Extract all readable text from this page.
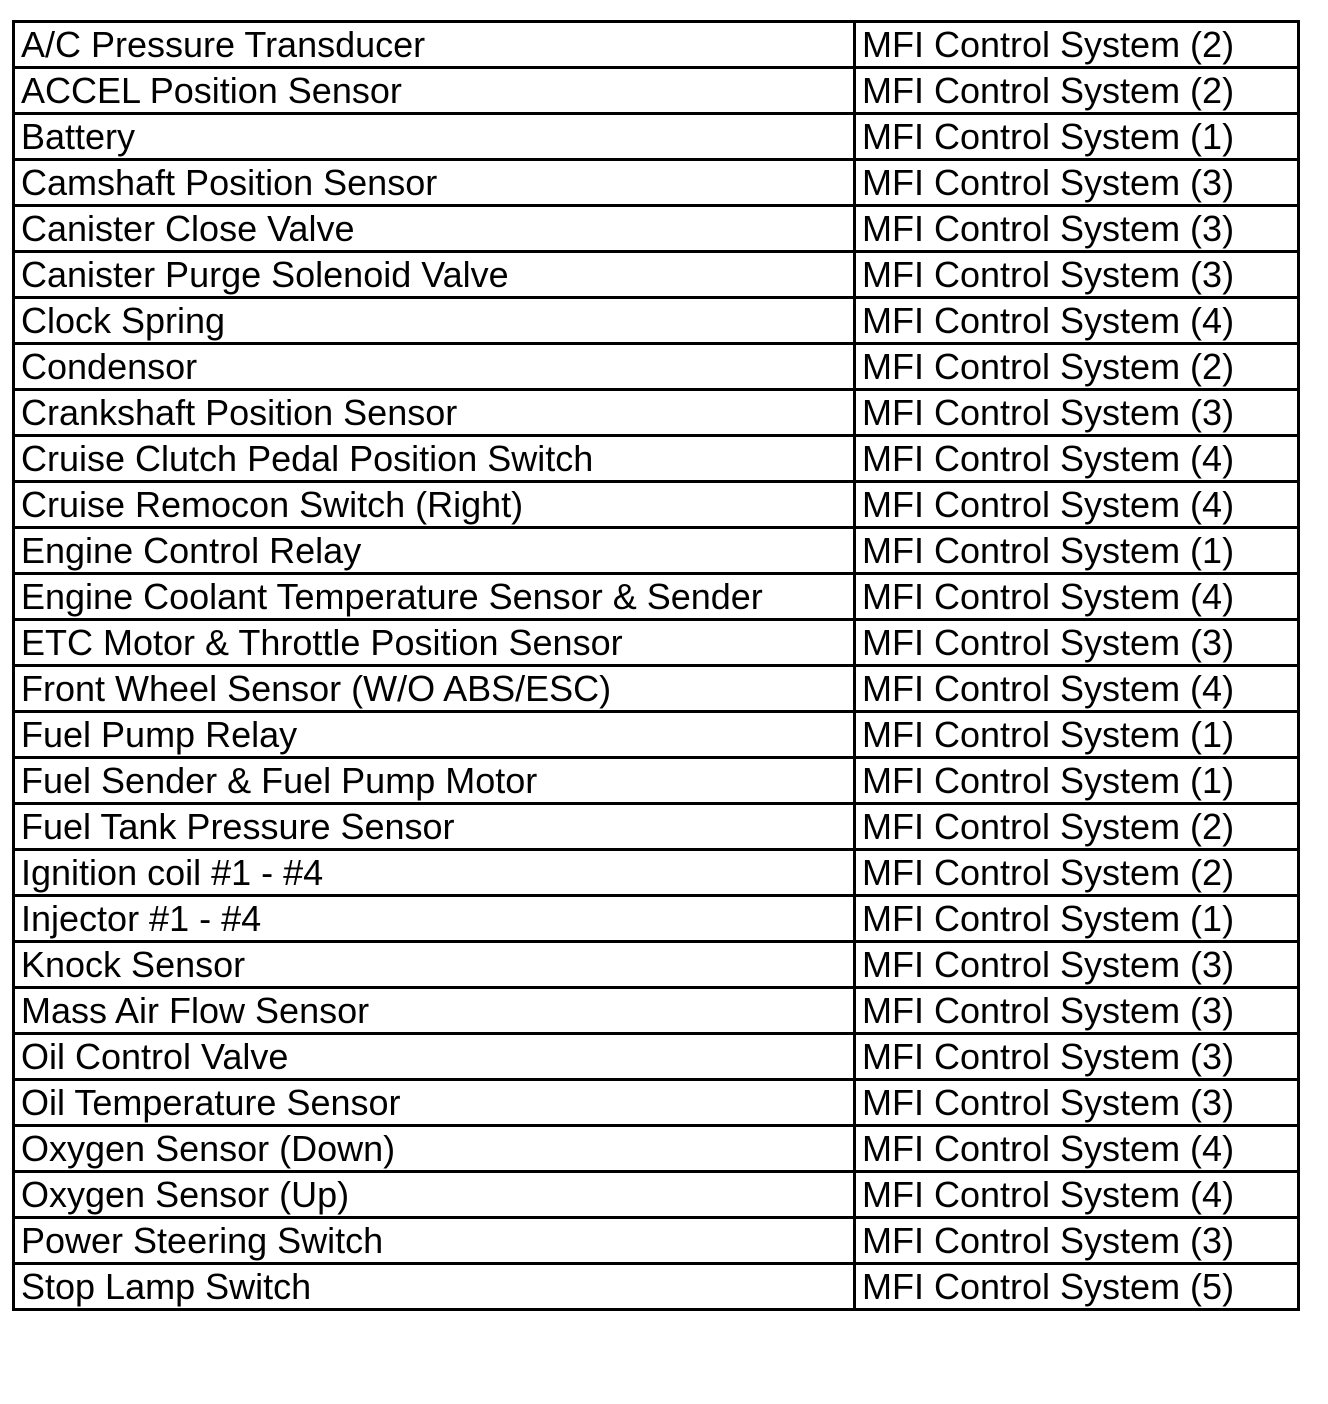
A/C Pressure Transducer	MFI Control System (2)
ACCEL Position Sensor	MFI Control System (2)
Battery	MFI Control System (1)
Camshaft Position Sensor	MFI Control System (3)
Canister Close Valve	MFI Control System (3)
Canister Purge Solenoid Valve	MFI Control System (3)
Clock Spring	MFI Control System (4)
Condensor	MFI Control System (2)
Crankshaft Position Sensor	MFI Control System (3)
Cruise Clutch Pedal Position Switch	MFI Control System (4)
Cruise Remocon Switch (Right)	MFI Control System (4)
Engine Control Relay	MFI Control System (1)
Engine Coolant Temperature Sensor & Sender	MFI Control System (4)
ETC Motor & Throttle Position Sensor	MFI Control System (3)
Front Wheel Sensor (W/O ABS/ESC)	MFI Control System (4)
Fuel Pump Relay	MFI Control System (1)
Fuel Sender & Fuel Pump Motor	MFI Control System (1)
Fuel Tank Pressure Sensor	MFI Control System (2)
Ignition coil #1 - #4	MFI Control System (2)
Injector #1 - #4	MFI Control System (1)
Knock Sensor	MFI Control System (3)
Mass Air Flow Sensor	MFI Control System (3)
Oil Control Valve	MFI Control System (3)
Oil Temperature Sensor	MFI Control System (3)
Oxygen Sensor (Down)	MFI Control System (4)
Oxygen Sensor (Up)	MFI Control System (4)
Power Steering Switch	MFI Control System (3)
Stop Lamp Switch	MFI Control System (5)
